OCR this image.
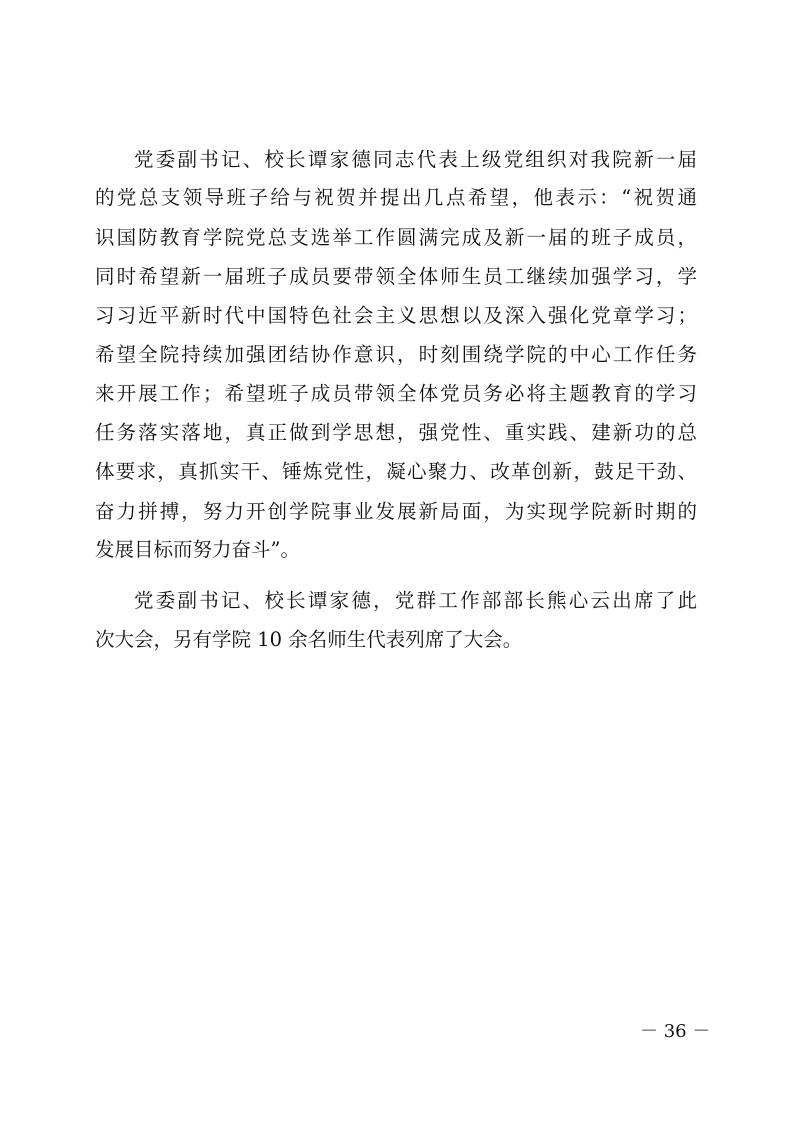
党委副书记、校长谭家德同志代表上级党组织对我院新一届
的党总支领导班子给与祝贺并提出几点希望，他表示：“祝贺通
识国防教育学院党总支选举工作圆满完成及新一届的班子成员，
同时希望新一届班子成员要带领全体师生员工继续加强学习，学
习习近平新时代中国特色社会主义思想以及深入强化党章学习；
希望全院持续加强团结协作意识，时刻围绕学院的中心工作任务
来开展工作；希望班子成员带领全体党员务必将主题教育的学习
任务落实落地，真正做到学思想，强党性、重实践、建新功的总
体要求，真抓实干、锤炼党性，凝心聚力、改革创新，鼓足干劲、
奋力拼搏，努力开创学院事业发展新局面，为实现学院新时期的
发展目标而努力奋斗”。
党委副书记、校长谭家德，党群工作部部长熊心云出席了此
次大会，另有学院 10 余名师生代表列席了大会。
－ 36 －
